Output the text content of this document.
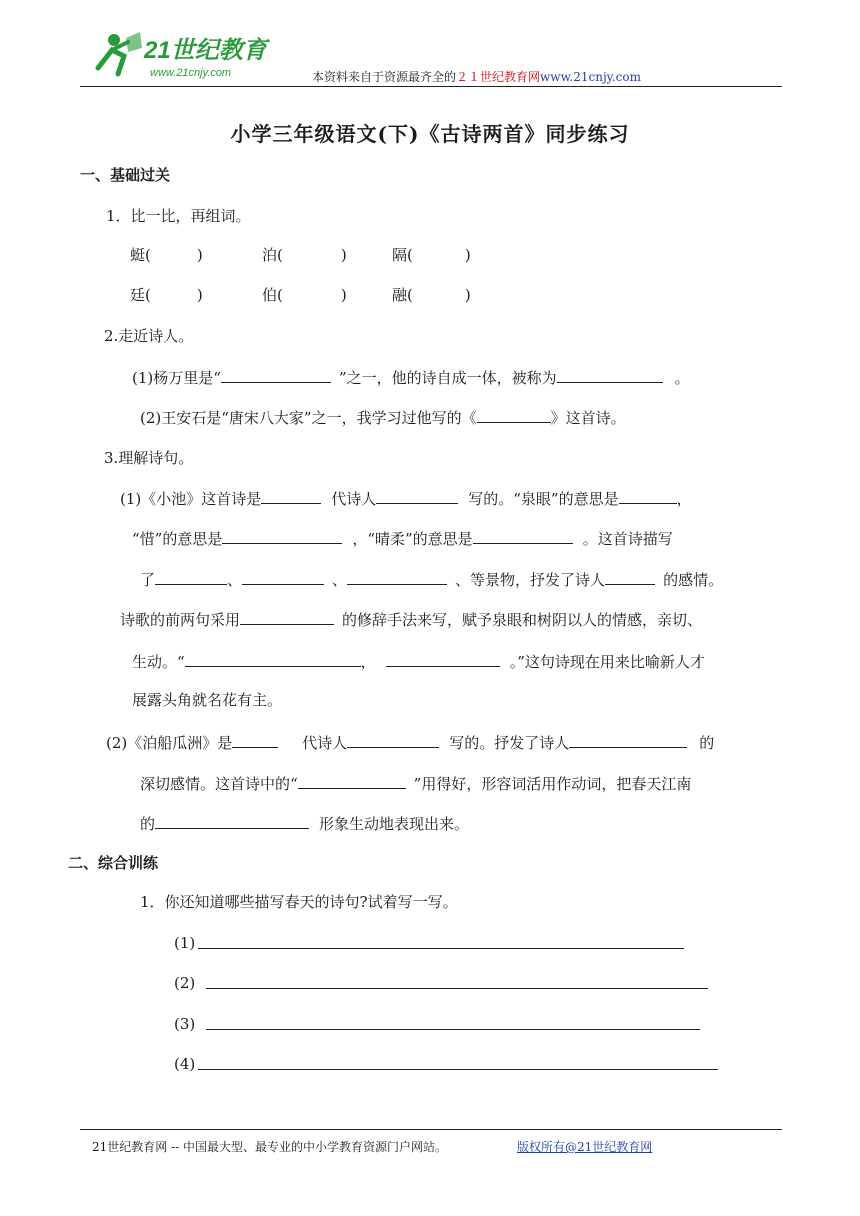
21世纪教育
www.21cnjy.com	本资料来自于资源最齐全的２１世纪教育网www.21cnjy.com
小学三年级语文(下)《古诗两首》同步练习
一、基础过关
1．比一比，再组词。
蜓(	)	泊(	)	隔(	)
廷(	)	伯(	)	融(	)
2.走近诗人。
(1)杨万里是“	”之一，他的诗自成一体，被称为	。
(2)王安石是“唐宋八大家”之一，我学习过他写的《	》这首诗。
3.理解诗句。
(1)《小池》这首诗是	代诗人	写的。“泉眼”的意思是	，
“惜”的意思是	，“晴柔”的意思是	。这首诗描写
了	、	、	、等景物，抒发了诗人	的感情。
诗歌的前两句采用	的修辞手法来写，赋予泉眼和树阴以人的情感，亲切、
生动。“	，	。”这句诗现在用来比喻新人才
展露头角就名花有主。
(2)《泊船瓜洲》是	代诗人	写的。抒发了诗人	的
深切感情。这首诗中的“	”用得好，形容词活用作动词，把春天江南
的	形象生动地表现出来。
二、综合训练
1．你还知道哪些描写春天的诗句?试着写一写。
(1)
(2)
(3)
(4)
21世纪教育网 -- 中国最大型、最专业的中小学教育资源门户网站。	版权所有@21世纪教育网
